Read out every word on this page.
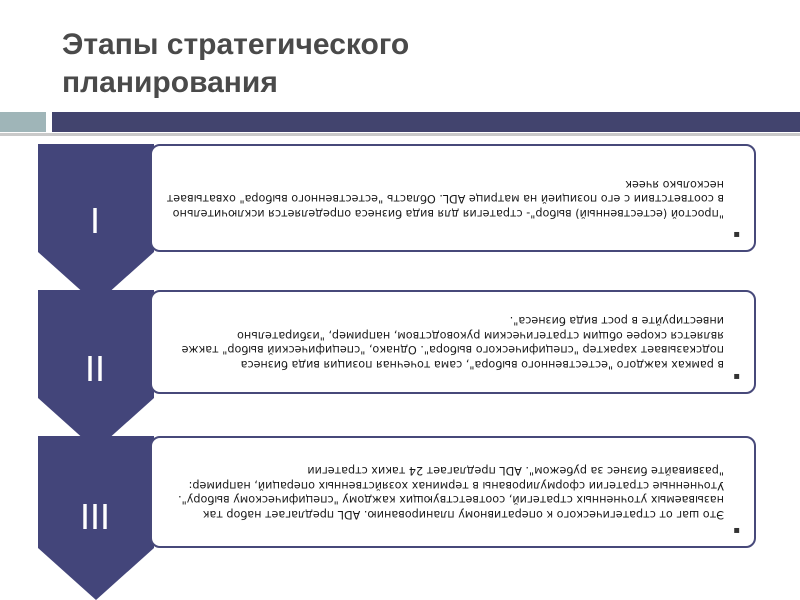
Этапы стратегического
планирования
I	"простой (естественный) выбор"- стратегия для вида бизнеса определяется исключительно в соответствии с его позицией на матрице ADL. Область "естественного выбора" охватывает несколько ячеек

▪
II	в рамках каждого "естественного выбора", сама точечная позиция вида бизнеса подсказывает характер "специфического выбора". Однако, "специфический выбор" также является скорее общим стратегическим руководством, например, "избирательно инвестируйте в рост вида бизнеса".

▪
III	Это шаг от стратегического к оперативному планированию. ADL предлагает набор так называемых уточненных стратегий, соответствующих каждому "специфическому выбору". Уточненные стратегии сформулированы в терминах хозяйственных операций, например: "развивайте бизнес за рубежом". ADL предлагает 24 таких стратегии

▪
